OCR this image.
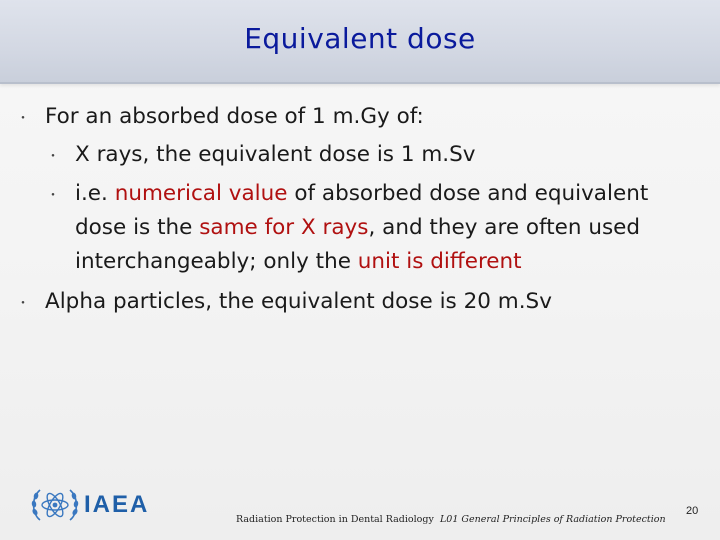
Equivalent dose
・ For an absorbed dose of 1 m.Gy of:
・ X rays, the equivalent dose is 1 m.Sv
・ i.e. numerical value of absorbed dose and equivalent
dose is the same for X rays, and they are often used
interchangeably; only the unit is different
・ Alpha particles, the equivalent dose is 20 m.Sv
IAEA
Radiation Protection in Dental Radiology L01 General Principles of Radiation Protection
20
